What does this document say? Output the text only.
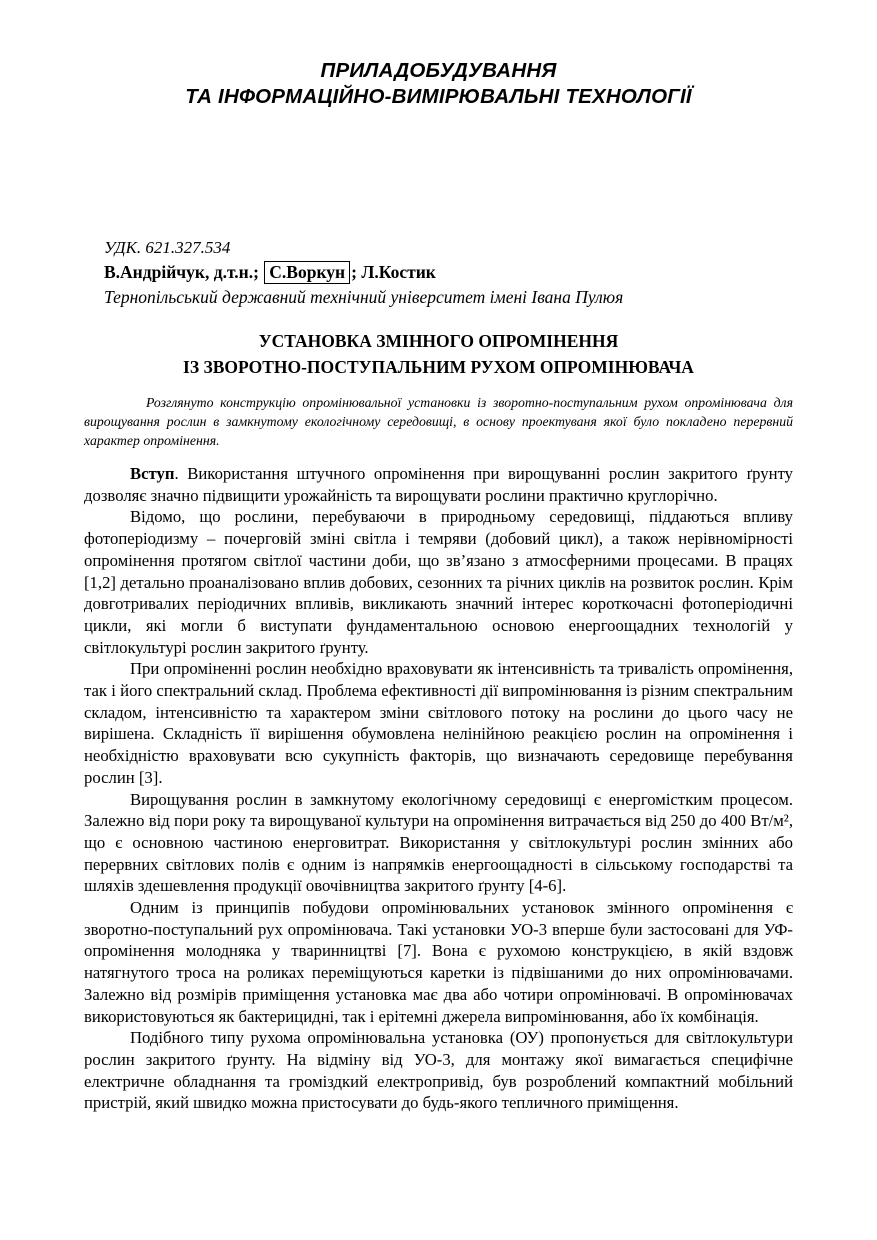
ПРИЛАДОБУДУВАННЯ
ТА ІНФОРМАЦІЙНО-ВИМІРЮВАЛЬНІ ТЕХНОЛОГІЇ
УДК. 621.327.534
В.Андрійчук, д.т.н.; С.Воркун ; Л.Костик
Тернопільський державний технічний університет імені Івана Пулюя
УСТАНОВКА ЗМІННОГО ОПРОМІНЕННЯ
ІЗ ЗВОРОТНО-ПОСТУПАЛЬНИМ РУХОМ ОПРОМІНЮВАЧА

Розглянуто конструкцію опромінювальної установки із зворотно-поступальним рухом опромінювача для вирощування рослин в замкнутому екологічному середовищі, в основу проектуваня якої було покладено перервний характер опромінення.

Вступ. Використання штучного опромінення при вирощуванні рослин закритого ґрунту дозволяє значно підвищити урожайність та вирощувати рослини практично круглорічно.

Відомо, що рослини, перебуваючи в природньому середовищі, піддаються впливу фотоперіодизму – почерговій зміні світла і темряви (добовий цикл), а також нерівномірності опромінення протягом світлої частини доби, що зв’язано з атмосферними процесами. В працях [1,2] детально проаналізовано вплив добових, сезонних та річних циклів на розвиток рослин. Крім довготривалих періодичних впливів, викликають значний інтерес короткочасні фотоперіодичні цикли, які могли б виступати фундаментальною основою енергоощадних технологій у світлокультурі рослин закритого ґрунту.

При опроміненні рослин необхідно враховувати як інтенсивність та тривалість опромінення, так і його спектральний склад. Проблема ефективності дії випромінювання із різним спектральним складом, інтенсивністю та характером зміни світлового потоку на рослини до цього часу не вирішена. Складність її вирішення обумовлена нелінійною реакцією рослин на опромінення і необхідністю враховувати всю сукупність факторів, що визначають середовище перебування рослин [3].

Вирощування рослин в замкнутому екологічному середовищі є енергомістким процесом. Залежно від пори року та вирощуваної культури на опромінення витрачається від 250 до 400 Вт/м², що є основною частиною енерговитрат. Використання у світлокультурі рослин змінних або перервних світлових полів є одним із напрямків енергоощадності в сільському господарстві та шляхів здешевлення продукції овочівництва закритого ґрунту [4-6].

Одним із принципів побудови опромінювальних установок змінного опромінення є зворотно-поступальний рух опромінювача. Такі установки УО-3 вперше були застосовані для УФ-опромінення молодняка у тваринництві [7]. Вона є рухомою конструкцією, в якій вздовж натягнутого троса на роликах переміщуються каретки із підвішаними до них опромінювачами. Залежно від розмірів приміщення установка має два або чотири опромінювачі. В опромінювачах використовуються як бактерицидні, так і ерітемні джерела випромінювання, або їх комбінація.

Подібного типу рухома опромінювальна установка (ОУ) пропонується для світлокультури рослин закритого ґрунту. На відміну від УО-3, для монтажу якої вимагається специфічне електричне обладнання та громіздкий електропривід, був розроблений компактний мобільний пристрій, який швидко можна пристосувати до будь-якого тепличного приміщення.
